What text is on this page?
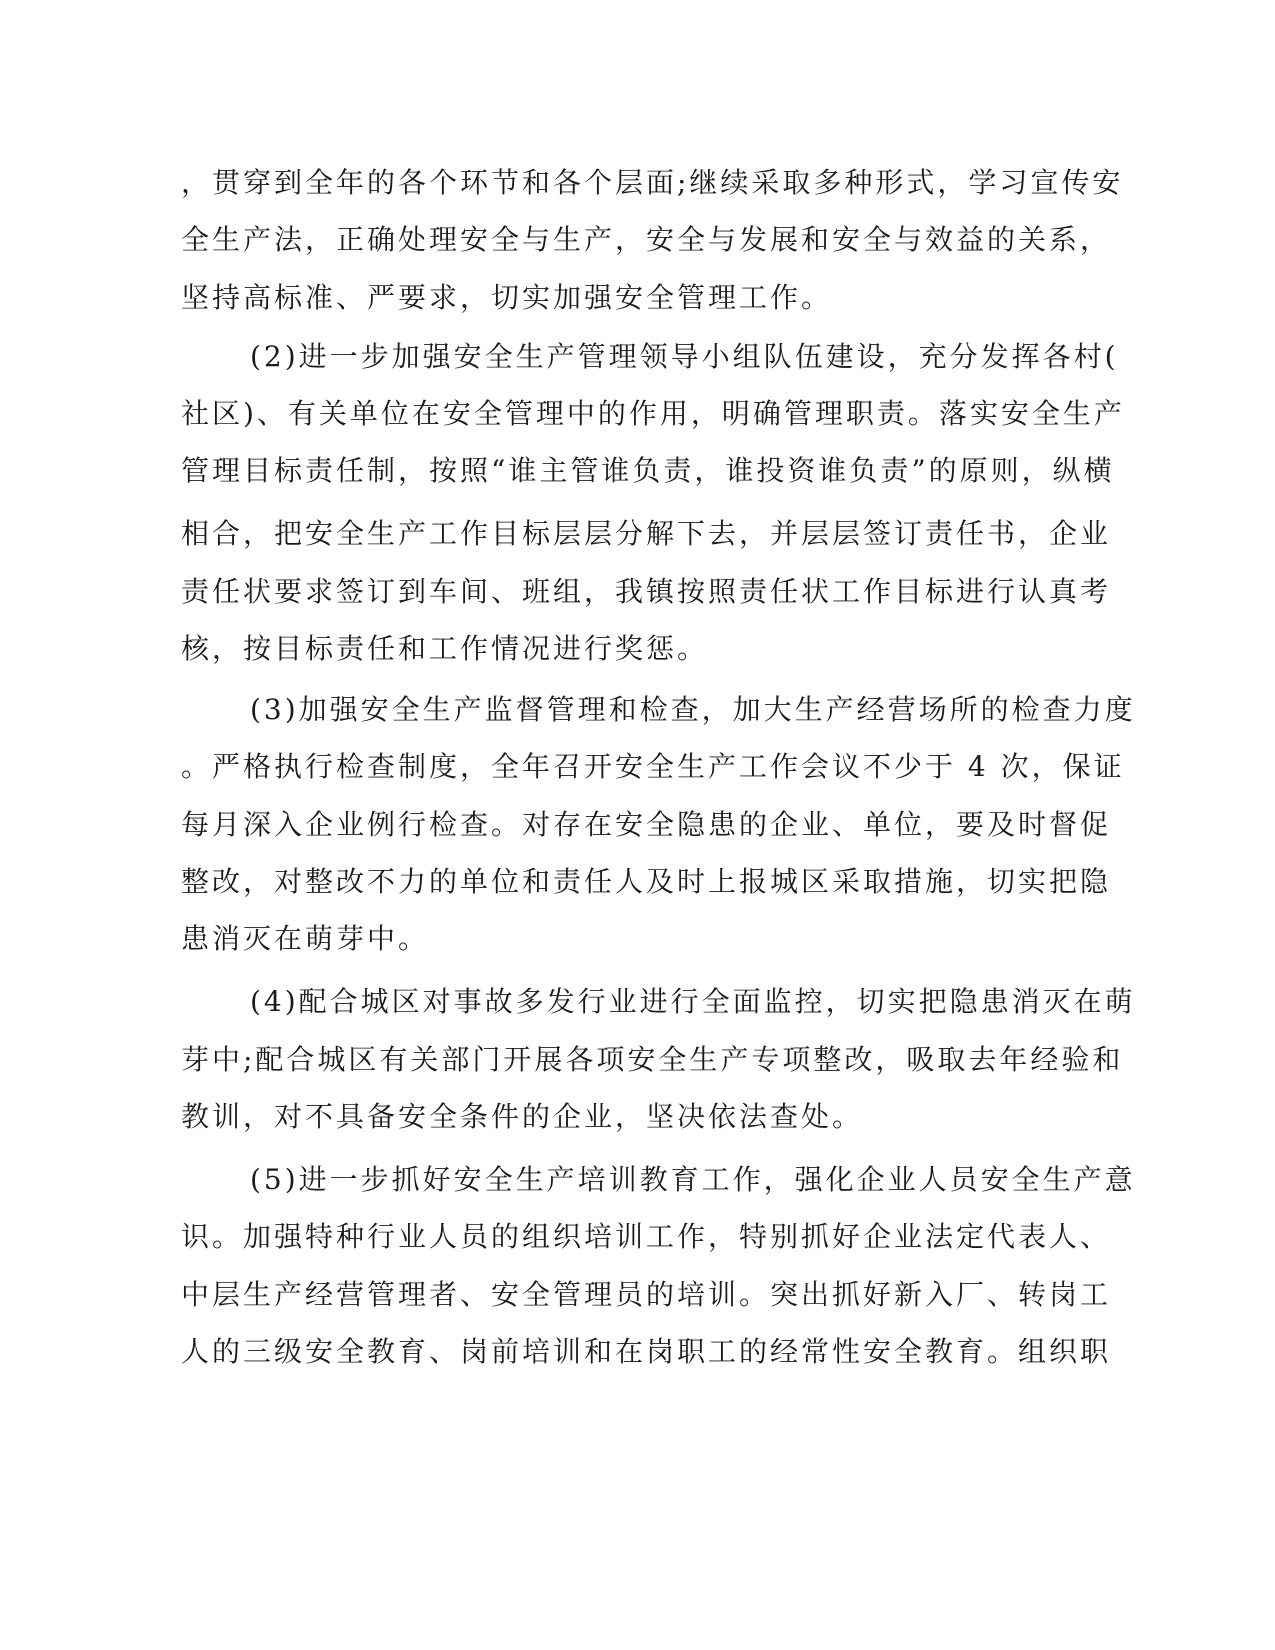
，贯穿到全年的各个环节和各个层面;继续采取多种形式，学习宣传安
全生产法，正确处理安全与生产，安全与发展和安全与效益的关系，
坚持高标准、严要求，切实加强安全管理工作。
(2)进一步加强安全生产管理领导小组队伍建设，充分发挥各村(
社区)、有关单位在安全管理中的作用，明确管理职责。落实安全生产
管理目标责任制，按照“谁主管谁负责，谁投资谁负责”的原则，纵横
相合，把安全生产工作目标层层分解下去，并层层签订责任书，企业
责任状要求签订到车间、班组，我镇按照责任状工作目标进行认真考
核，按目标责任和工作情况进行奖惩。
(3)加强安全生产监督管理和检查，加大生产经营场所的检查力度
。严格执行检查制度，全年召开安全生产工作会议不少于 4 次，保证
每月深入企业例行检查。对存在安全隐患的企业、单位，要及时督促
整改，对整改不力的单位和责任人及时上报城区采取措施，切实把隐
患消灭在萌芽中。
(4)配合城区对事故多发行业进行全面监控，切实把隐患消灭在萌
芽中;配合城区有关部门开展各项安全生产专项整改，吸取去年经验和
教训，对不具备安全条件的企业，坚决依法查处。
(5)进一步抓好安全生产培训教育工作，强化企业人员安全生产意
识。加强特种行业人员的组织培训工作，特别抓好企业法定代表人、
中层生产经营管理者、安全管理员的培训。突出抓好新入厂、转岗工
人的三级安全教育、岗前培训和在岗职工的经常性安全教育。组织职
